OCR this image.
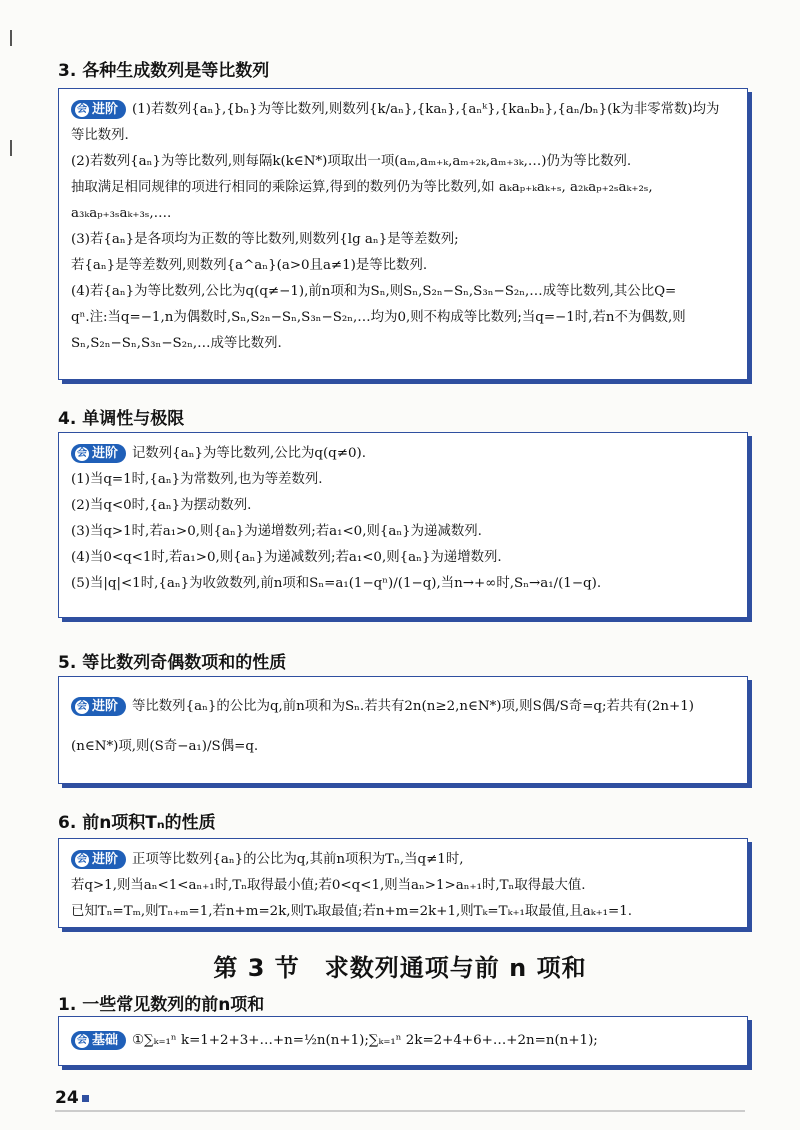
3. 各种生成数列是等比数列
会 进阶 (1)若数列{aₙ},{bₙ}为等比数列,则数列{k/aₙ},{kaₙ},{aₙᵏ},{kaₙbₙ},{aₙ/bₙ}(k为非零常数)均为
等比数列.
(2)若数列{aₙ}为等比数列,则每隔k(k∈N*)项取出一项(aₘ,aₘ₊ₖ,aₘ₊₂ₖ,aₘ₊₃ₖ,…)仍为等比数列.
抽取满足相同规律的项进行相同的乘除运算,得到的数列仍为等比数列,如 aₖaₚ₊ₖaₖ₊ₛ, a₂ₖaₚ₊₂ₛaₖ₊₂ₛ,
a₃ₖaₚ₊₃ₛaₖ₊₃ₛ,….
(3)若{aₙ}是各项均为正数的等比数列,则数列{lg aₙ}是等差数列;
若{aₙ}是等差数列,则数列{a^aₙ}(a>0且a≠1)是等比数列.
(4)若{aₙ}为等比数列,公比为q(q≠−1),前n项和为Sₙ,则Sₙ,S₂ₙ−Sₙ,S₃ₙ−S₂ₙ,…成等比数列,其公比Q=
qⁿ.注:当q=−1,n为偶数时,Sₙ,S₂ₙ−Sₙ,S₃ₙ−S₂ₙ,…均为0,则不构成等比数列;当q=−1时,若n不为偶数,则
Sₙ,S₂ₙ−Sₙ,S₃ₙ−S₂ₙ,…成等比数列.
4. 单调性与极限
会 进阶 记数列{aₙ}为等比数列,公比为q(q≠0).
(1)当q=1时,{aₙ}为常数列,也为等差数列.
(2)当q<0时,{aₙ}为摆动数列.
(3)当q>1时,若a₁>0,则{aₙ}为递增数列;若a₁<0,则{aₙ}为递减数列.
(4)当0<q<1时,若a₁>0,则{aₙ}为递减数列;若a₁<0,则{aₙ}为递增数列.
(5)当|q|<1时,{aₙ}为收敛数列,前n项和Sₙ=a₁(1−qⁿ)/(1−q),当n→+∞时,Sₙ→a₁/(1−q).
5. 等比数列奇偶数项和的性质
会 进阶 等比数列{aₙ}的公比为q,前n项和为Sₙ.若共有2n(n≥2,n∈N*)项,则S偶/S奇=q;若共有(2n+1)
(n∈N*)项,则(S奇−a₁)/S偶=q.
6. 前n项积Tₙ的性质
会 进阶 正项等比数列{aₙ}的公比为q,其前n项积为Tₙ,当q≠1时,
若q>1,则当aₙ<1<aₙ₊₁时,Tₙ取得最小值;若0<q<1,则当aₙ>1>aₙ₊₁时,Tₙ取得最大值.
已知Tₙ=Tₘ,则Tₙ₊ₘ=1,若n+m=2k,则Tₖ取最值;若n+m=2k+1,则Tₖ=Tₖ₊₁取最值,且aₖ₊₁=1.
第 3 节　求数列通项与前 n 项和
1. 一些常见数列的前n项和
会 基础 ①∑ₖ₌₁ⁿ k=1+2+3+…+n=½n(n+1);∑ₖ₌₁ⁿ 2k=2+4+6+…+2n=n(n+1);
24
